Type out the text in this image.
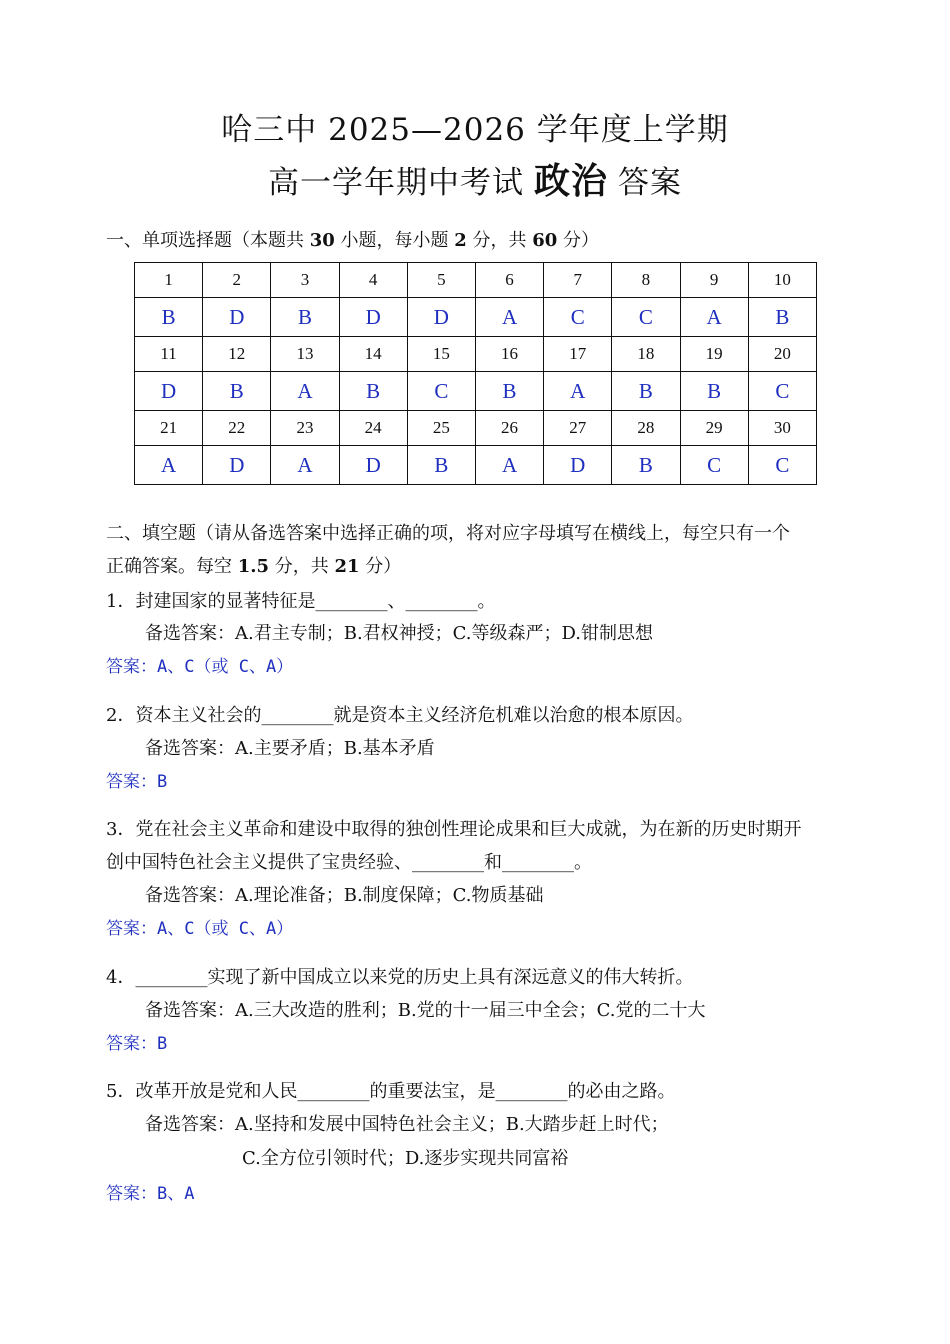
哈三中 2025—2026 学年度上学期
高一学年期中考试 政治 答案
一、单项选择题（本题共 30 小题，每小题 2 分，共 60 分）
1	2	3	4	5	6	7	8	9	10
B	D	B	D	D	A	C	C	A	B
11	12	13	14	15	16	17	18	19	20
D	B	A	B	C	B	A	B	B	C
21	22	23	24	25	26	27	28	29	30
A	D	A	D	B	A	D	B	C	C
二、填空题（请从备选答案中选择正确的项，将对应字母填写在横线上，每空只有一个
正确答案。每空 1.5 分，共 21 分）
1．封建国家的显著特征是________、________。
备选答案：A.君主专制；B.君权神授；C.等级森严；D.钳制思想
答案：A、C（或 C、A）
2．资本主义社会的________就是资本主义经济危机难以治愈的根本原因。
备选答案：A.主要矛盾；B.基本矛盾
答案：B
3．党在社会主义革命和建设中取得的独创性理论成果和巨大成就，为在新的历史时期开
创中国特色社会主义提供了宝贵经验、________和________。
备选答案：A.理论准备；B.制度保障；C.物质基础
答案：A、C（或 C、A）
4．________实现了新中国成立以来党的历史上具有深远意义的伟大转折。
备选答案：A.三大改造的胜利；B.党的十一届三中全会；C.党的二十大
答案：B
5．改革开放是党和人民________的重要法宝，是________的必由之路。
备选答案：A.坚持和发展中国特色社会主义；B.大踏步赶上时代；
C.全方位引领时代；D.逐步实现共同富裕
答案：B、A
